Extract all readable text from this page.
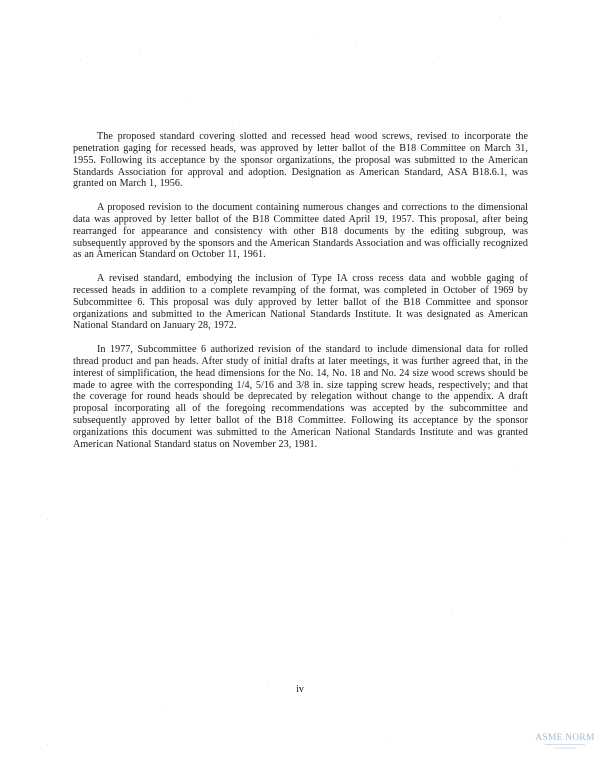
The proposed standard covering slotted and recessed head wood screws, revised to incorporate the penetration gaging for recessed heads, was approved by letter ballot of the B18 Committee on March 31, 1955. Following its acceptance by the sponsor organizations, the proposal was submitted to the American Standards Association for approval and adoption. Designation as American Standard, ASA B18.6.1, was granted on March 1, 1956.

A proposed revision to the document containing numerous changes and corrections to the dimensional data was approved by letter ballot of the B18 Committee dated April 19, 1957. This proposal, after being rearranged for appearance and consistency with other B18 documents by the editing subgroup, was subsequently approved by the sponsors and the American Standards Association and was officially recognized as an American Standard on October 11, 1961.

A revised standard, embodying the inclusion of Type IA cross recess data and wobble gaging of recessed heads in addition to a complete revamping of the format, was completed in October of 1969 by Subcommittee 6. This proposal was duly approved by letter ballot of the B18 Committee and sponsor organizations and submitted to the American National Standards Institute. It was designated as American National Standard on January 28, 1972.

In 1977, Subcommittee 6 authorized revision of the standard to include dimensional data for rolled thread product and pan heads. After study of initial drafts at later meetings, it was further agreed that, in the interest of simplification, the head dimensions for the No. 14, No. 18 and No. 24 size wood screws should be made to agree with the corresponding 1/4, 5/16 and 3/8 in. size tapping screw heads, respectively; and that the coverage for round heads should be deprecated by relegation without change to the appendix. A draft proposal incorporating all of the foregoing recommendations was accepted by the subcommittee and subsequently approved by letter ballot of the B18 Committee. Following its acceptance by the sponsor organizations this document was submitted to the American National Standards Institute and was granted American National Standard status on November 23, 1981.

iv
ASME NORM
STANDARDS
